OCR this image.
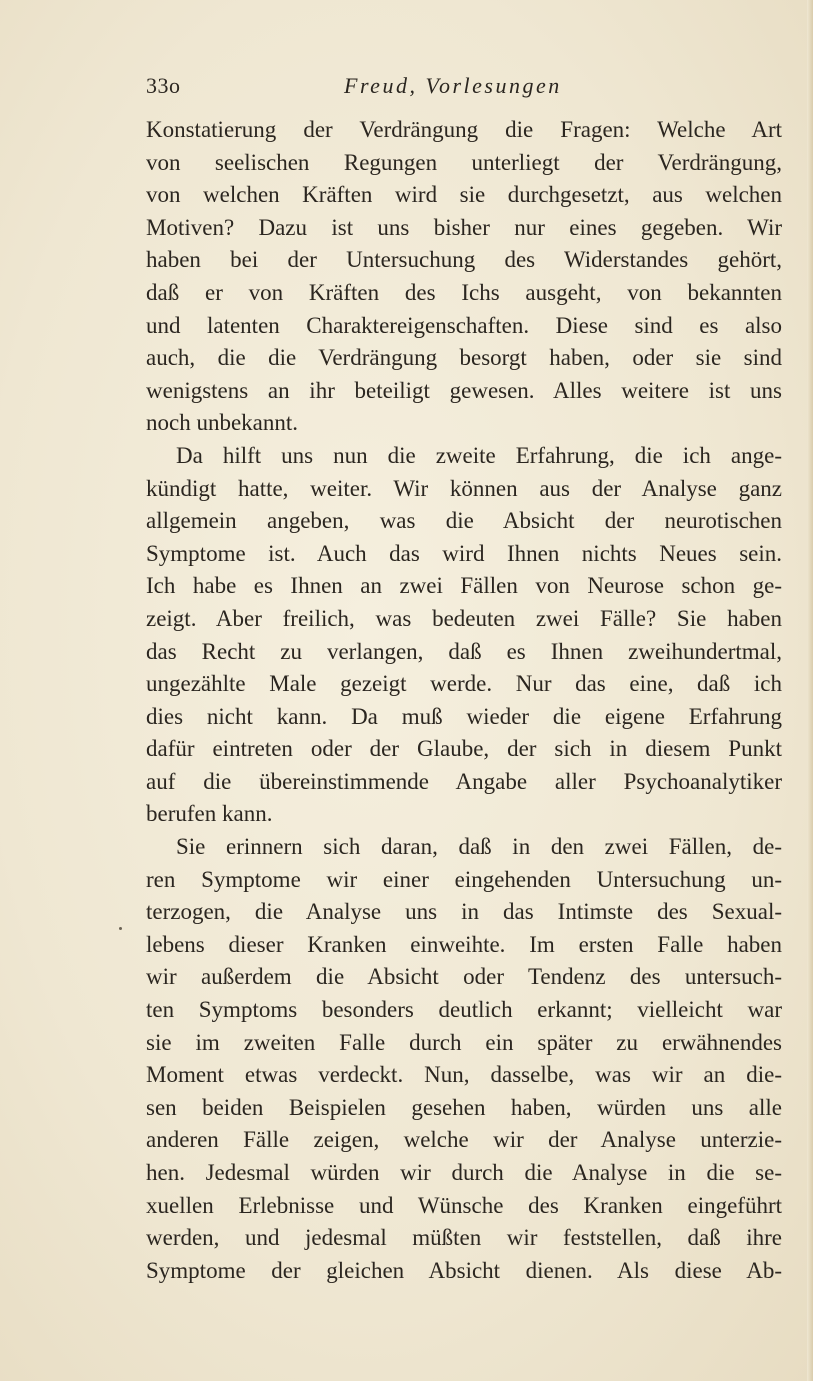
33o	Freud, Vorlesungen
Konstatierung der Verdrängung die Fragen: Welche Art
von seelischen Regungen unterliegt der Verdrängung,
von welchen Kräften wird sie durchgesetzt, aus welchen
Motiven? Dazu ist uns bisher nur eines gegeben. Wir
haben bei der Untersuchung des Widerstandes gehört,
daß er von Kräften des Ichs ausgeht, von bekannten
und latenten Charaktereigenschaften. Diese sind es also
auch, die die Verdrängung besorgt haben, oder sie sind
wenigstens an ihr beteiligt gewesen. Alles weitere ist uns
noch unbekannt.
Da hilft uns nun die zweite Erfahrung, die ich ange-
kündigt hatte, weiter. Wir können aus der Analyse ganz
allgemein angeben, was die Absicht der neurotischen
Symptome ist. Auch das wird Ihnen nichts Neues sein.
Ich habe es Ihnen an zwei Fällen von Neurose schon ge-
zeigt. Aber freilich, was bedeuten zwei Fälle? Sie haben
das Recht zu verlangen, daß es Ihnen zweihundertmal,
ungezählte Male gezeigt werde. Nur das eine, daß ich
dies nicht kann. Da muß wieder die eigene Erfahrung
dafür eintreten oder der Glaube, der sich in diesem Punkt
auf die übereinstimmende Angabe aller Psychoanalytiker
berufen kann.
Sie erinnern sich daran, daß in den zwei Fällen, de-
ren Symptome wir einer eingehenden Untersuchung un-
terzogen, die Analyse uns in das Intimste des Sexual-
lebens dieser Kranken einweihte. Im ersten Falle haben
wir außerdem die Absicht oder Tendenz des untersuch-
ten Symptoms besonders deutlich erkannt; vielleicht war
sie im zweiten Falle durch ein später zu erwähnendes
Moment etwas verdeckt. Nun, dasselbe, was wir an die-
sen beiden Beispielen gesehen haben, würden uns alle
anderen Fälle zeigen, welche wir der Analyse unterzie-
hen. Jedesmal würden wir durch die Analyse in die se-
xuellen Erlebnisse und Wünsche des Kranken eingeführt
werden, und jedesmal müßten wir feststellen, daß ihre
Symptome der gleichen Absicht dienen. Als diese Ab-
